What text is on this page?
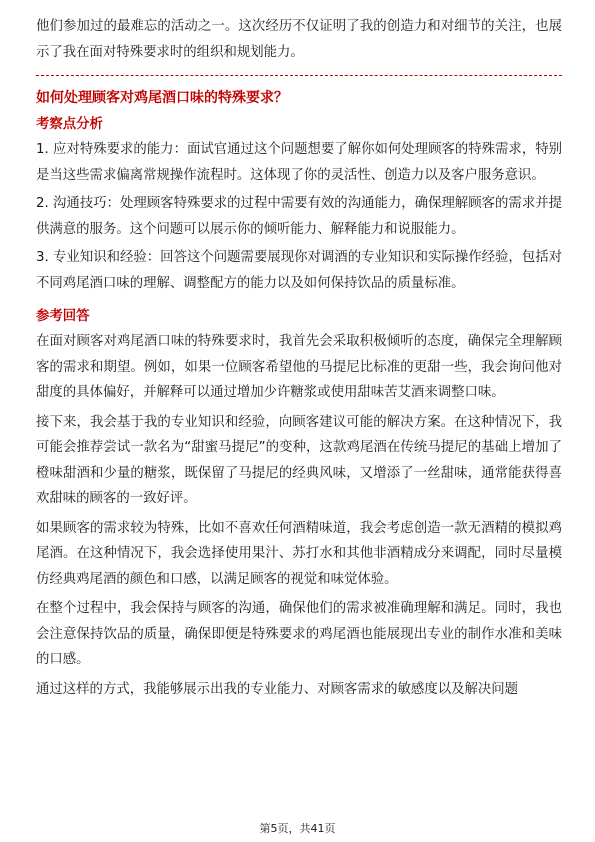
他们参加过的最难忘的活动之一。这次经历不仅证明了我的创造力和对细节的关注，也展示了我在面对特殊要求时的组织和规划能力。

如何处理顾客对鸡尾酒口味的特殊要求？
考察点分析

1. 应对特殊要求的能力：面试官通过这个问题想要了解你如何处理顾客的特殊需求，特别是当这些需求偏离常规操作流程时。这体现了你的灵活性、创造力以及客户服务意识。

2. 沟通技巧：处理顾客特殊要求的过程中需要有效的沟通能力，确保理解顾客的需求并提供满意的服务。这个问题可以展示你的倾听能力、解释能力和说服能力。

3. 专业知识和经验：回答这个问题需要展现你对调酒的专业知识和实际操作经验，包括对不同鸡尾酒口味的理解、调整配方的能力以及如何保持饮品的质量标准。

参考回答

在面对顾客对鸡尾酒口味的特殊要求时，我首先会采取积极倾听的态度，确保完全理解顾客的需求和期望。例如，如果一位顾客希望他的马提尼比标准的更甜一些，我会询问他对甜度的具体偏好，并解释可以通过增加少许糖浆或使用甜味苦艾酒来调整口味。

接下来，我会基于我的专业知识和经验，向顾客建议可能的解决方案。在这种情况下，我可能会推荐尝试一款名为“甜蜜马提尼”的变种，这款鸡尾酒在传统马提尼的基础上增加了橙味甜酒和少量的糖浆，既保留了马提尼的经典风味，又增添了一丝甜味，通常能获得喜欢甜味的顾客的一致好评。

如果顾客的需求较为特殊，比如不喜欢任何酒精味道，我会考虑创造一款无酒精的模拟鸡尾酒。在这种情况下，我会选择使用果汁、苏打水和其他非酒精成分来调配，同时尽量模仿经典鸡尾酒的颜色和口感，以满足顾客的视觉和味觉体验。

在整个过程中，我会保持与顾客的沟通，确保他们的需求被准确理解和满足。同时，我也会注意保持饮品的质量，确保即便是特殊要求的鸡尾酒也能展现出专业的制作水准和美味的口感。

通过这样的方式，我能够展示出我的专业能力、对顾客需求的敏感度以及解决问题

第5页，共41页
